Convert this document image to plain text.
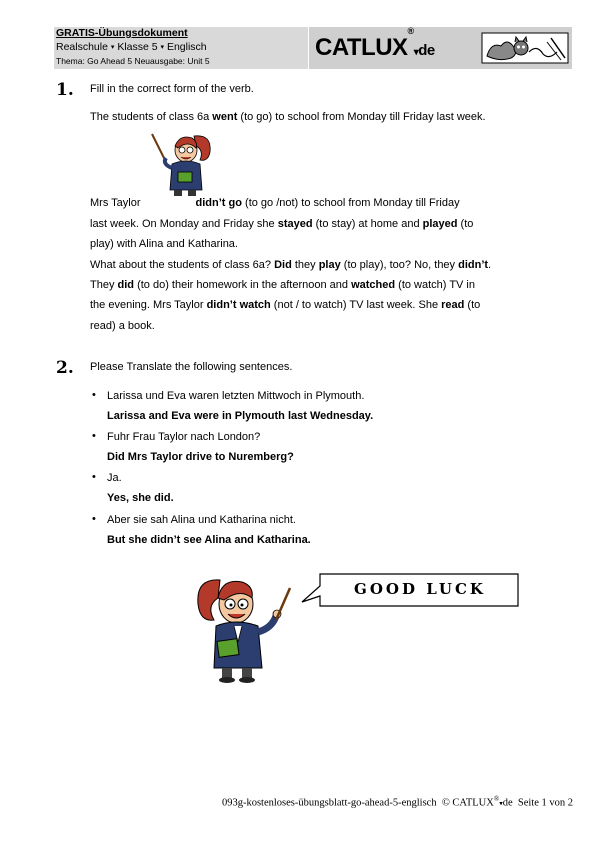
GRATIS-Übungsdokument
Realschule ▾ Klasse 5 ▾ Englisch
Thema: Go Ahead 5 Neuausgabe: Unit 5	CATLUX®▾de
1. Fill in the correct form of the verb.
The students of class 6a went (to go) to school from Monday till Friday last week.
Mrs Taylor	didn’t go (to go /not) to school from Monday till Friday
last week. On Monday and Friday she stayed (to stay) at home and played (to
play) with Alina and Katharina.
What about the students of class 6a? Did they play (to play), too? No, they didn’t.
They did (to do) their homework in the afternoon and watched (to watch) TV in
the evening. Mrs Taylor didn’t watch (not / to watch) TV last week. She read (to
read) a book.
2. Please Translate the following sentences.
• Larissa und Eva waren letzten Mittwoch in Plymouth.
Larissa and Eva were in Plymouth last Wednesday.
• Fuhr Frau Taylor nach London?
Did Mrs Taylor drive to Nuremberg?
• Ja.
Yes, she did.
• Aber sie sah Alina und Katharina nicht.
But she didn’t see Alina and Katharina.
GOOD LUCK
093g-kostenloses-übungsblatt-go-ahead-5-englisch © CATLUX®▾de Seite 1 von 2
